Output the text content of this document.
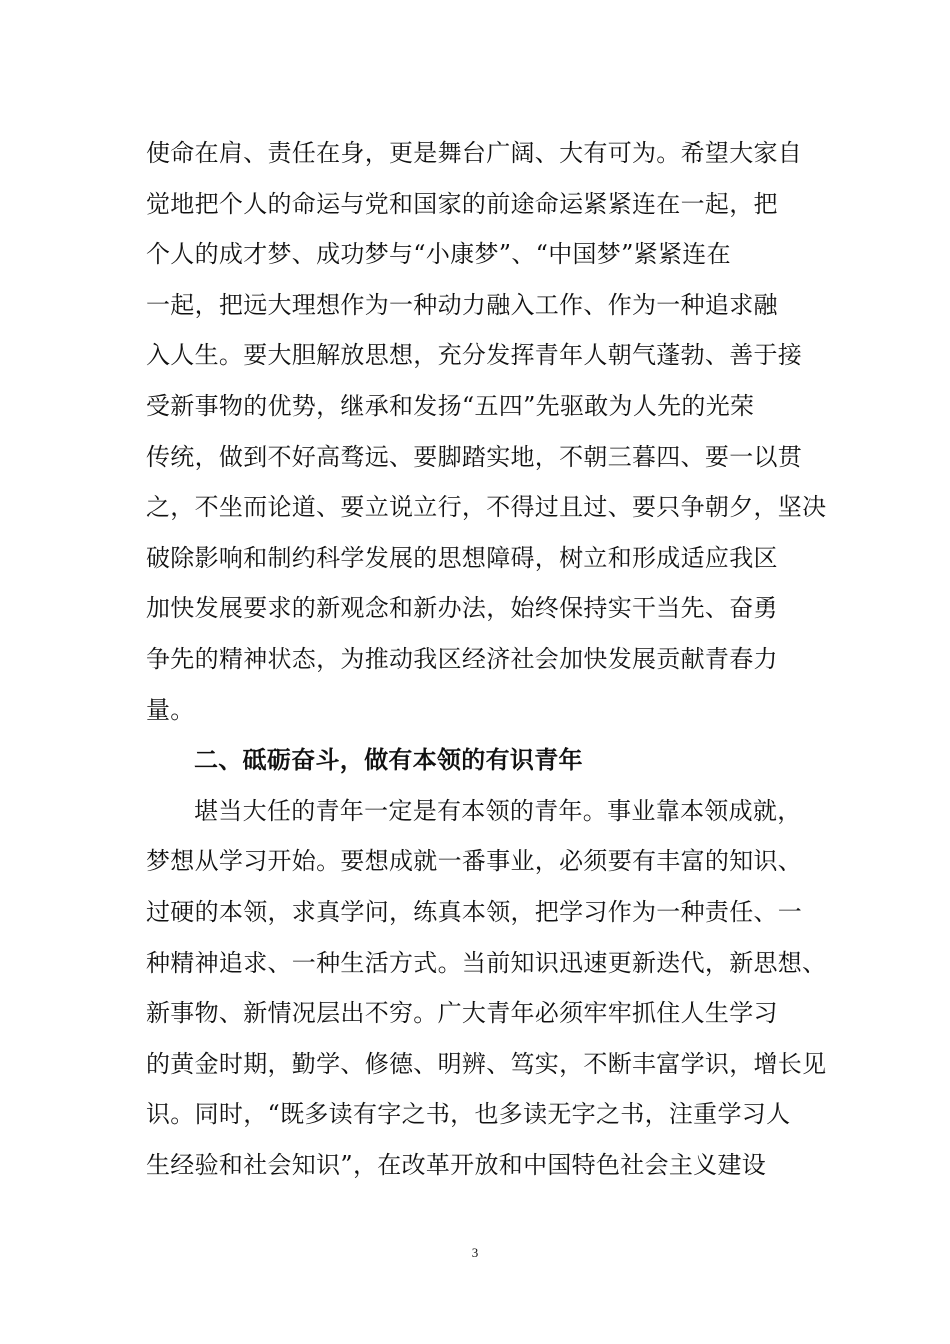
使命在肩、责任在身，更是舞台广阔、大有可为。希望大家自
觉地把个人的命运与党和国家的前途命运紧紧连在一起，把
个人的成才梦、成功梦与“小康梦”、“中国梦”紧紧连在
一起，把远大理想作为一种动力融入工作、作为一种追求融
入人生。要大胆解放思想，充分发挥青年人朝气蓬勃、善于接
受新事物的优势，继承和发扬“五四”先驱敢为人先的光荣
传统，做到不好高骛远、要脚踏实地，不朝三暮四、要一以贯
之，不坐而论道、要立说立行，不得过且过、要只争朝夕，坚决
破除影响和制约科学发展的思想障碍，树立和形成适应我区
加快发展要求的新观念和新办法，始终保持实干当先、奋勇
争先的精神状态，为推动我区经济社会加快发展贡献青春力
量。
二、砥砺奋斗，做有本领的有识青年
堪当大任的青年一定是有本领的青年。事业靠本领成就，
梦想从学习开始。要想成就一番事业，必须要有丰富的知识、
过硬的本领，求真学问，练真本领，把学习作为一种责任、一
种精神追求、一种生活方式。当前知识迅速更新迭代，新思想、
新事物、新情况层出不穷。广大青年必须牢牢抓住人生学习
的黄金时期，勤学、修德、明辨、笃实，不断丰富学识，增长见
识。同时，“既多读有字之书，也多读无字之书，注重学习人
生经验和社会知识”，在改革开放和中国特色社会主义建设
3
